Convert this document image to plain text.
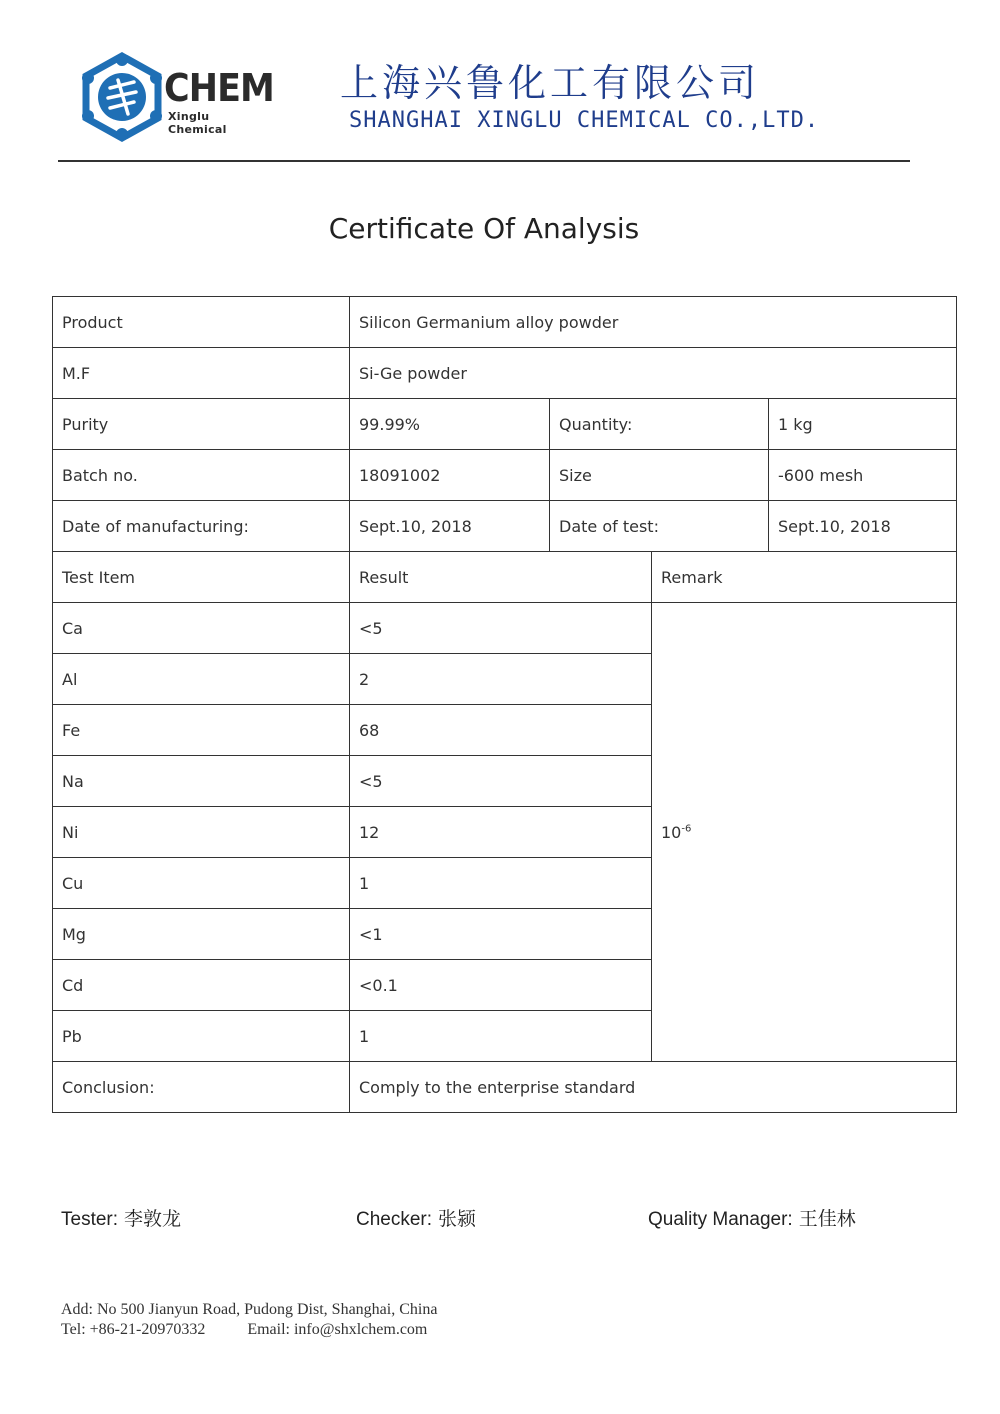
CHEM
Xinglu Chemical
上海兴鲁化工有限公司
SHANGHAI XINGLU CHEMICAL CO.,LTD.
Certificate Of Analysis
Product	Silicon Germanium alloy powder			
M.F	Si-Ge powder			
Purity	99.99%	Quantity:		1 kg
Batch no.	18091002	Size		-600 mesh
Date of manufacturing:	Sept.10, 2018	Date of test:		Sept.10, 2018
Test Item	Result		Remark	
Ca	<5		$10^{-6}$
Al	2			
Fe	68			
Na	<5			
Ni	12			
Cu	1			
Mg	<1			
Cd	<0.1			
Pb	1			
Conclusion:	Comply to the enterprise standard			
Tester: 李敦龙	Checker: 张颍	Quality Manager: 王佳林
Add: No 500 Jianyun Road, Pudong Dist, Shanghai, China
Tel: +86-21-20970332	Email: info@shxlchem.com
